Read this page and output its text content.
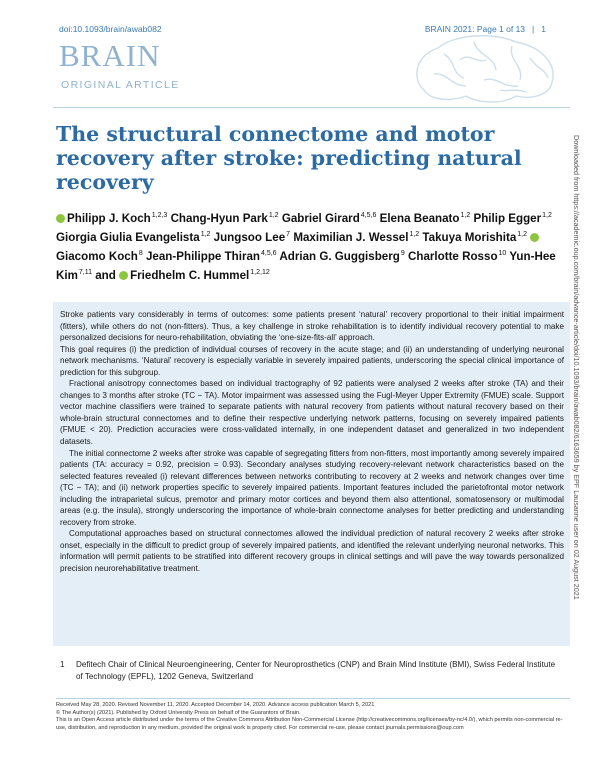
doi:10.1093/brain/awab082	BRAIN 2021: Page 1 of 13 | 1
BRAIN
ORIGINAL ARTICLE
The structural connectome and motor recovery after stroke: predicting natural recovery
Philipp J. Koch$^{1,2,3}$ Chang-Hyun Park$^{1,2}$ Gabriel Girard$^{4,5,6}$ Elena Beanato$^{1,2}$ Philip Egger$^{1,2}$ Giorgia Giulia Evangelista$^{1,2}$ Jungsoo Lee$^7$ Maximilian J. Wessel$^{1,2}$ Takuya Morishita$^{1,2}$ Giacomo Koch$^8$ Jean-Philippe Thiran$^{4,5,6}$ Adrian G. Guggisberg$^9$ Charlotte Rosso$^{10}$ Yun-Hee Kim$^{7,11}$ and Friedhelm C. Hummel$^{1,2,12}$	Downloaded from https://academic.oup.com/brain/advance-article/doi/10.1093/brain/awab082/6163659 by EPF Lausanne user on 02 August 2021

Stroke patients vary considerably in terms of outcomes: some patients present ‘natural’ recovery proportional to their initial impairment (fitters), while others do not (non-fitters). Thus, a key challenge in stroke rehabilitation is to identify individual recovery potential to make personalized decisions for neuro-rehabilitation, obviating the ‘one-size-fits-all’ approach.

This goal requires (i) the prediction of individual courses of recovery in the acute stage; and (ii) an understanding of underlying neuronal network mechanisms. ‘Natural’ recovery is especially variable in severely impaired patients, underscoring the special clinical importance of prediction for this subgroup.

Fractional anisotropy connectomes based on individual tractography of 92 patients were analysed 2 weeks after stroke (TA) and their changes to 3 months after stroke (TC − TA). Motor impairment was assessed using the Fugl-Meyer Upper Extremity (FMUE) scale. Support vector machine classifiers were trained to separate patients with natural recovery from patients without natural recovery based on their whole-brain structural connectomes and to define their respective underlying network patterns, focusing on severely impaired patients (FMUE < 20). Prediction accuracies were cross-validated internally, in one independent dataset and generalized in two independent datasets.

The initial connectome 2 weeks after stroke was capable of segregating fitters from non-fitters, most importantly among severely impaired patients (TA: accuracy = 0.92, precision = 0.93). Secondary analyses studying recovery-relevant network characteristics based on the selected features revealed (i) relevant differences between networks contributing to recovery at 2 weeks and network changes over time (TC − TA); and (ii) network properties specific to severely impaired patients. Important features included the parietofrontal motor network including the intraparietal sulcus, premotor and primary motor cortices and beyond them also attentional, somatosensory or multimodal areas (e.g. the insula), strongly underscoring the importance of whole-brain connectome analyses for better predicting and understanding recovery from stroke.

Computational approaches based on structural connectomes allowed the individual prediction of natural recovery 2 weeks after stroke onset, especially in the difficult to predict group of severely impaired patients, and identified the relevant underlying neuronal networks. This information will permit patients to be stratified into different recovery groups in clinical settings and will pave the way towards personalized precision neurorehabilitative treatment.

1	Defitech Chair of Clinical Neuroengineering, Center for Neuroprosthetics (CNP) and Brain Mind Institute (BMI), Swiss Federal Institute of Technology (EPFL), 1202 Geneva, Switzerland
Received May 28, 2020. Revised November 11, 2020. Accepted December 14, 2020. Advance access publication March 5, 2021
© The Author(s) (2021). Published by Oxford University Press on behalf of the Guarantors of Brain.
This is an Open Access article distributed under the terms of the Creative Commons Attribution Non-Commercial License (http://creativecommons.org/licenses/by-nc/4.0/), which permits non-commercial re-use, distribution, and reproduction in any medium, provided the original work is properly cited. For commercial re-use, please contact journals.permissions@oup.com
